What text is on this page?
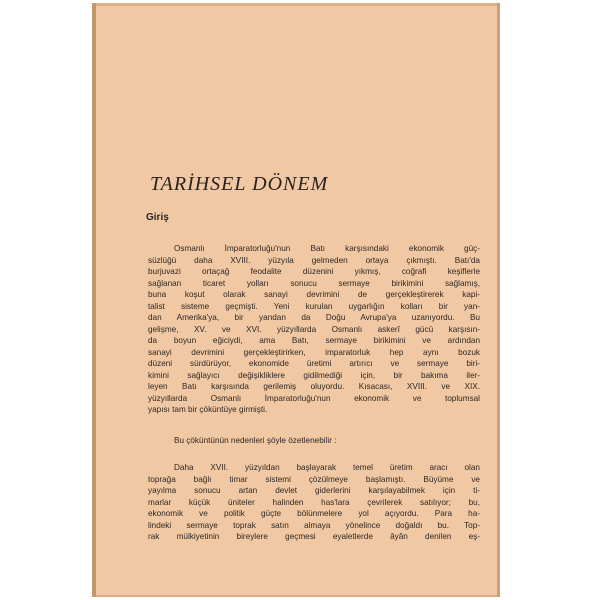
TARİHSEL DÖNEM
Giriş
Osmanlı İmparatorluğu'nun Batı karşısındaki ekonomik güç-
süzlüğü daha XVIII. yüzyıla gelmeden ortaya çıkmıştı. Batı'da
burjuvazi ortaçağ feodalite düzenini yıkmış, coğrafi keşiflerle
sağlanan ticaret yolları sonucu sermaye birikimini sağlamış,
buna koşut olarak sanayi devrimini de gerçekleştirerek kapi-
talist sisteme geçmişti. Yeni kurulan uygarlığın kolları bir yan-
dan Amerika'ya, bir yandan da Doğu Avrupa'ya uzanıyordu. Bu
gelişme, XV. ve XVI. yüzyıllarda Osmanlı askerî gücü karşısın-
da boyun eğiciydi, ama Batı, sermaye birikimini ve ardından
sanayi devrimini gerçekleştirirken, imparatorluk hep aynı bozuk
düzeni sürdürüyor, ekonomide üretimi artırıcı ve sermaye biri-
kimini sağlayıcı değişikliklere gidilmediği için, bir bakıma iler-
leyen Batı karşısında gerilemiş oluyordu. Kısacası, XVIII. ve XIX.
yüzyıllarda Osmanlı İmparatorluğu'nun ekonomik ve toplumsal
yapısı tam bir çöküntüye girmişti.
Bu çöküntünün nedenleri şöyle özetlenebilir :
Daha XVII. yüzyıldan başlayarak temel üretim aracı olan
toprağa bağlı timar sistemi çözülmeye başlamıştı. Büyüme ve
yayılma sonucu artan devlet giderlerini karşılayabilmek için ti-
marlar küçük üniteler halinden has'lara çevrilerek satılıyor; bu,
ekonomik ve politik güçte bölünmelere yol açıyordu. Para ha-
lindeki sermaye toprak satın almaya yönelince doğaldı bu. Top-
rak mülkiyetinin bireylere geçmesi eyaletlerde âyân denilen eş-
